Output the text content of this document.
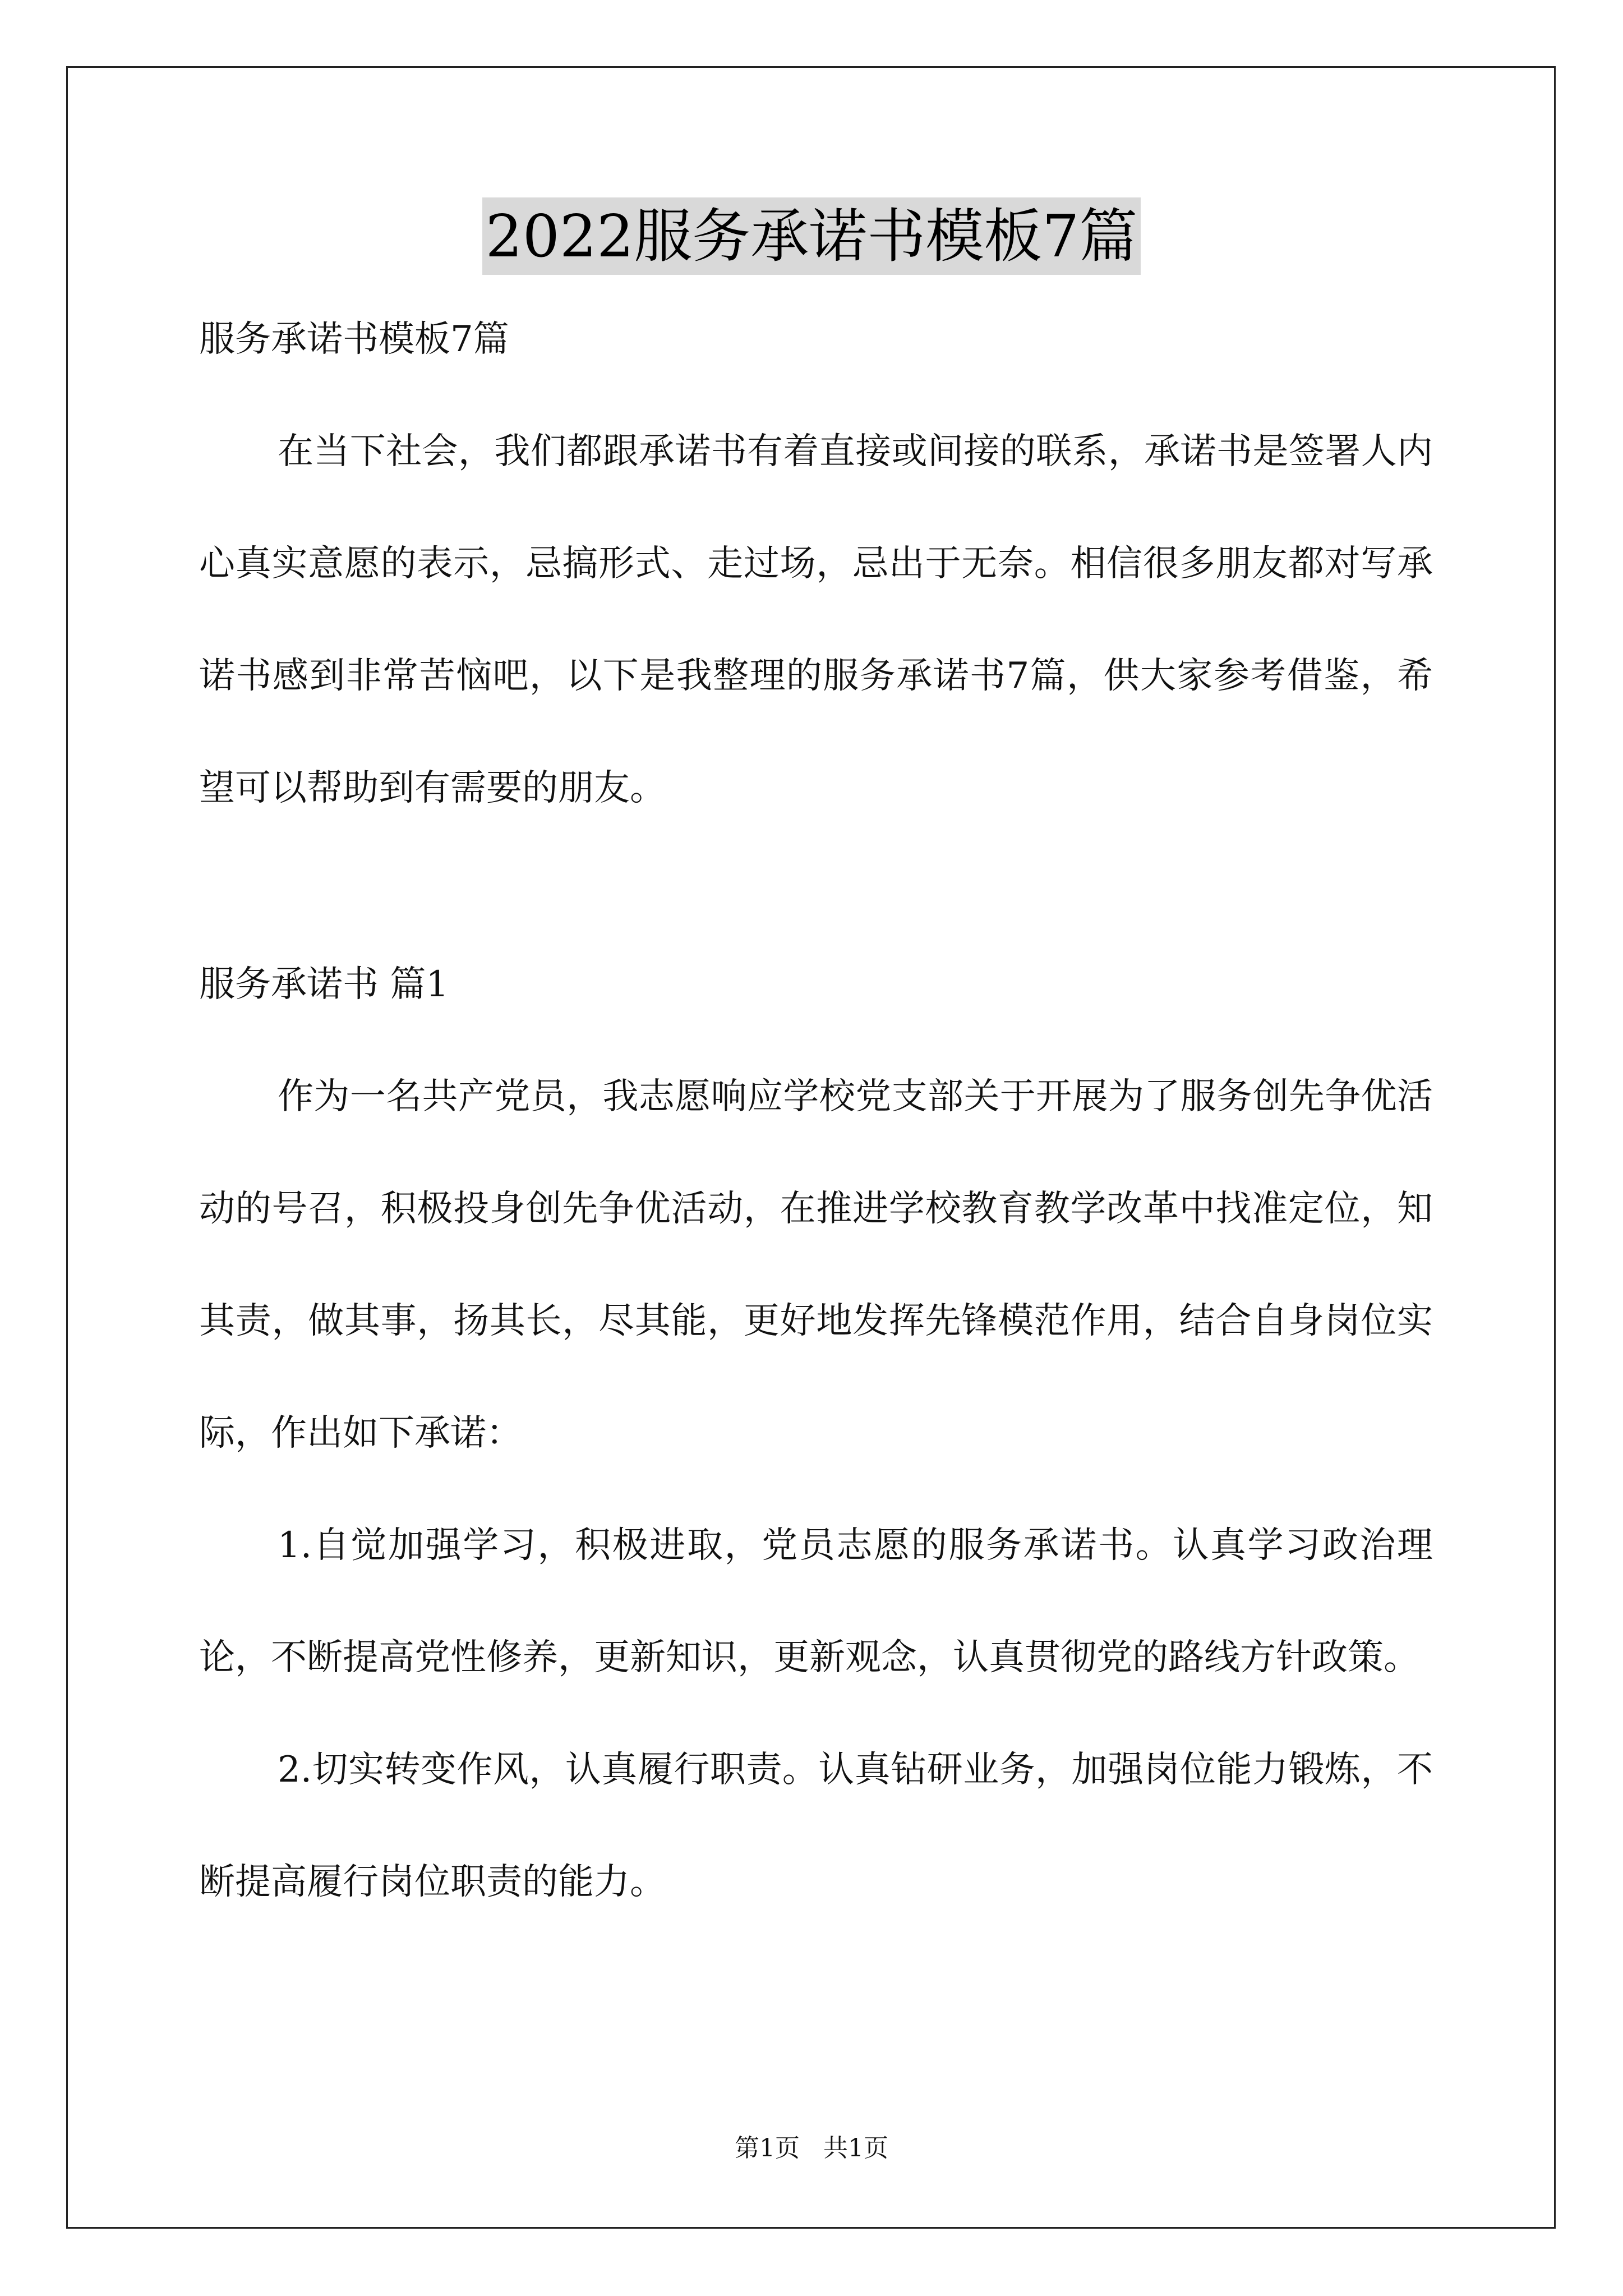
2022服务承诺书模板7篇

服务承诺书模板7篇

在当下社会，我们都跟承诺书有着直接或间接的联系，承诺书是签署人内心真实意愿的表示，忌搞形式、走过场，忌出于无奈。相信很多朋友都对写承诺书感到非常苦恼吧，以下是我整理的服务承诺书7篇，供大家参考借鉴，希望可以帮助到有需要的朋友。

服务承诺书 篇1

作为一名共产党员，我志愿响应学校党支部关于开展为了服务创先争优活动的号召，积极投身创先争优活动，在推进学校教育教学改革中找准定位，知其责，做其事，扬其长，尽其能，更好地发挥先锋模范作用，结合自身岗位实际，作出如下承诺：

1.自觉加强学习，积极进取，党员志愿的服务承诺书。认真学习政治理论，不断提高党性修养，更新知识，更新观念，认真贯彻党的路线方针政策。

2.切实转变作风，认真履行职责。认真钻研业务，加强岗位能力锻炼，不断提高履行岗位职责的能力。

第1页 共1页
